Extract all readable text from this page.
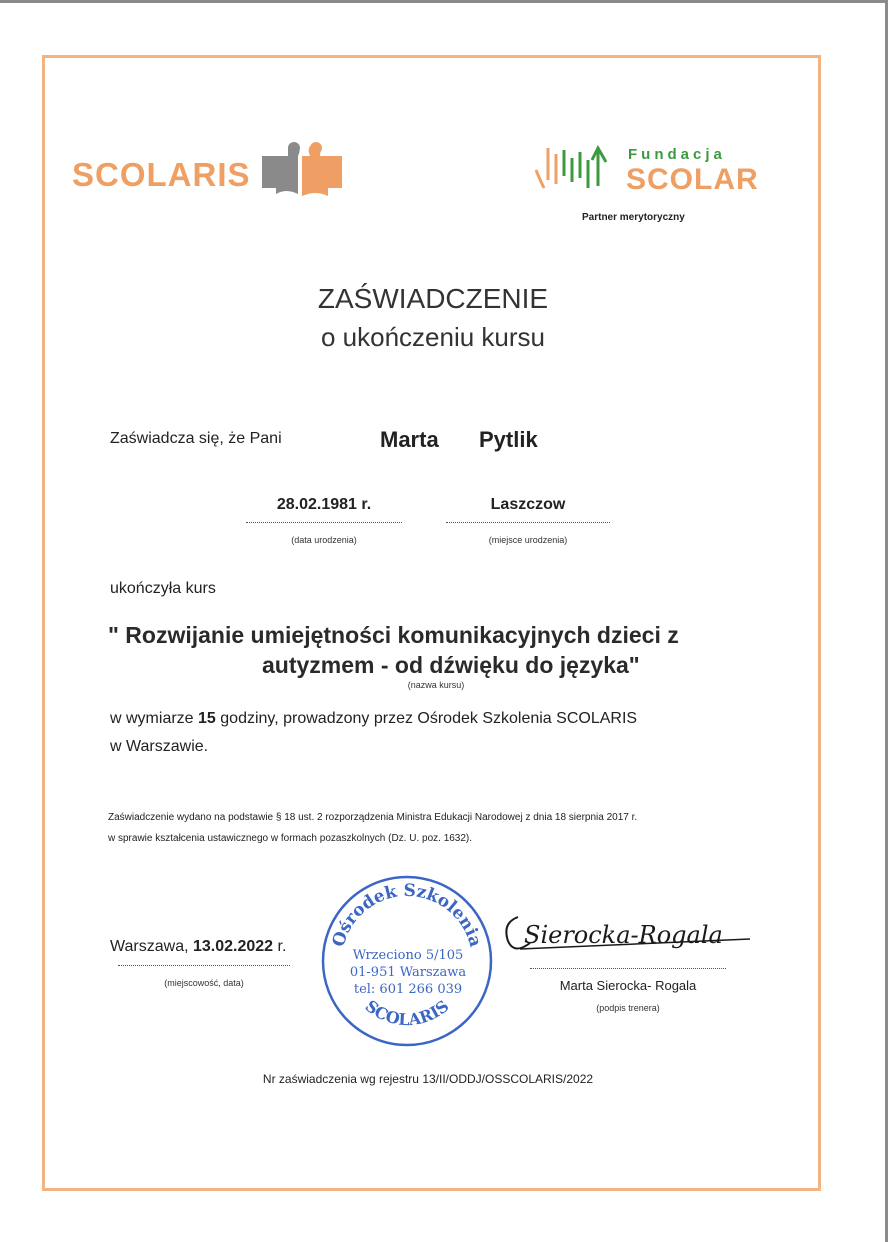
SCOLARIS
Fundacja
SCOLAR
Partner merytoryczny
ZAŚWIADCZENIE
o ukończeniu kursu
Zaświadcza się, że Pani	Marta Pytlik
28.02.1981 r.
(data urodzenia)
Laszczow
(miejsce urodzenia)
ukończyła kurs
" Rozwijanie umiejętności komunikacyjnych dzieci z
autyzmem - od dźwięku do języka"
(nazwa kursu)
w wymiarze 15 godziny, prowadzony przez Ośrodek Szkolenia SCOLARIS
w Warszawie.
Zaświadczenie wydano na podstawie § 18 ust. 2 rozporządzenia Ministra Edukacji Narodowej z dnia 18 sierpnia 2017 r.
w sprawie kształcenia ustawicznego w formach pozaszkolnych (Dz. U. poz. 1632).
Warszawa, 13.02.2022 r.
(miejscowość, data)
Ośrodek Szkolenia
Wrzeciono 5/105
01-951 Warszawa
tel: 601 266 039
SCOLARIS
Sierocka-Rogala
Marta Sierocka- Rogala
(podpis trenera)
Nr zaświadczenia wg rejestru 13/II/ODDJ/OSSCOLARIS/2022
